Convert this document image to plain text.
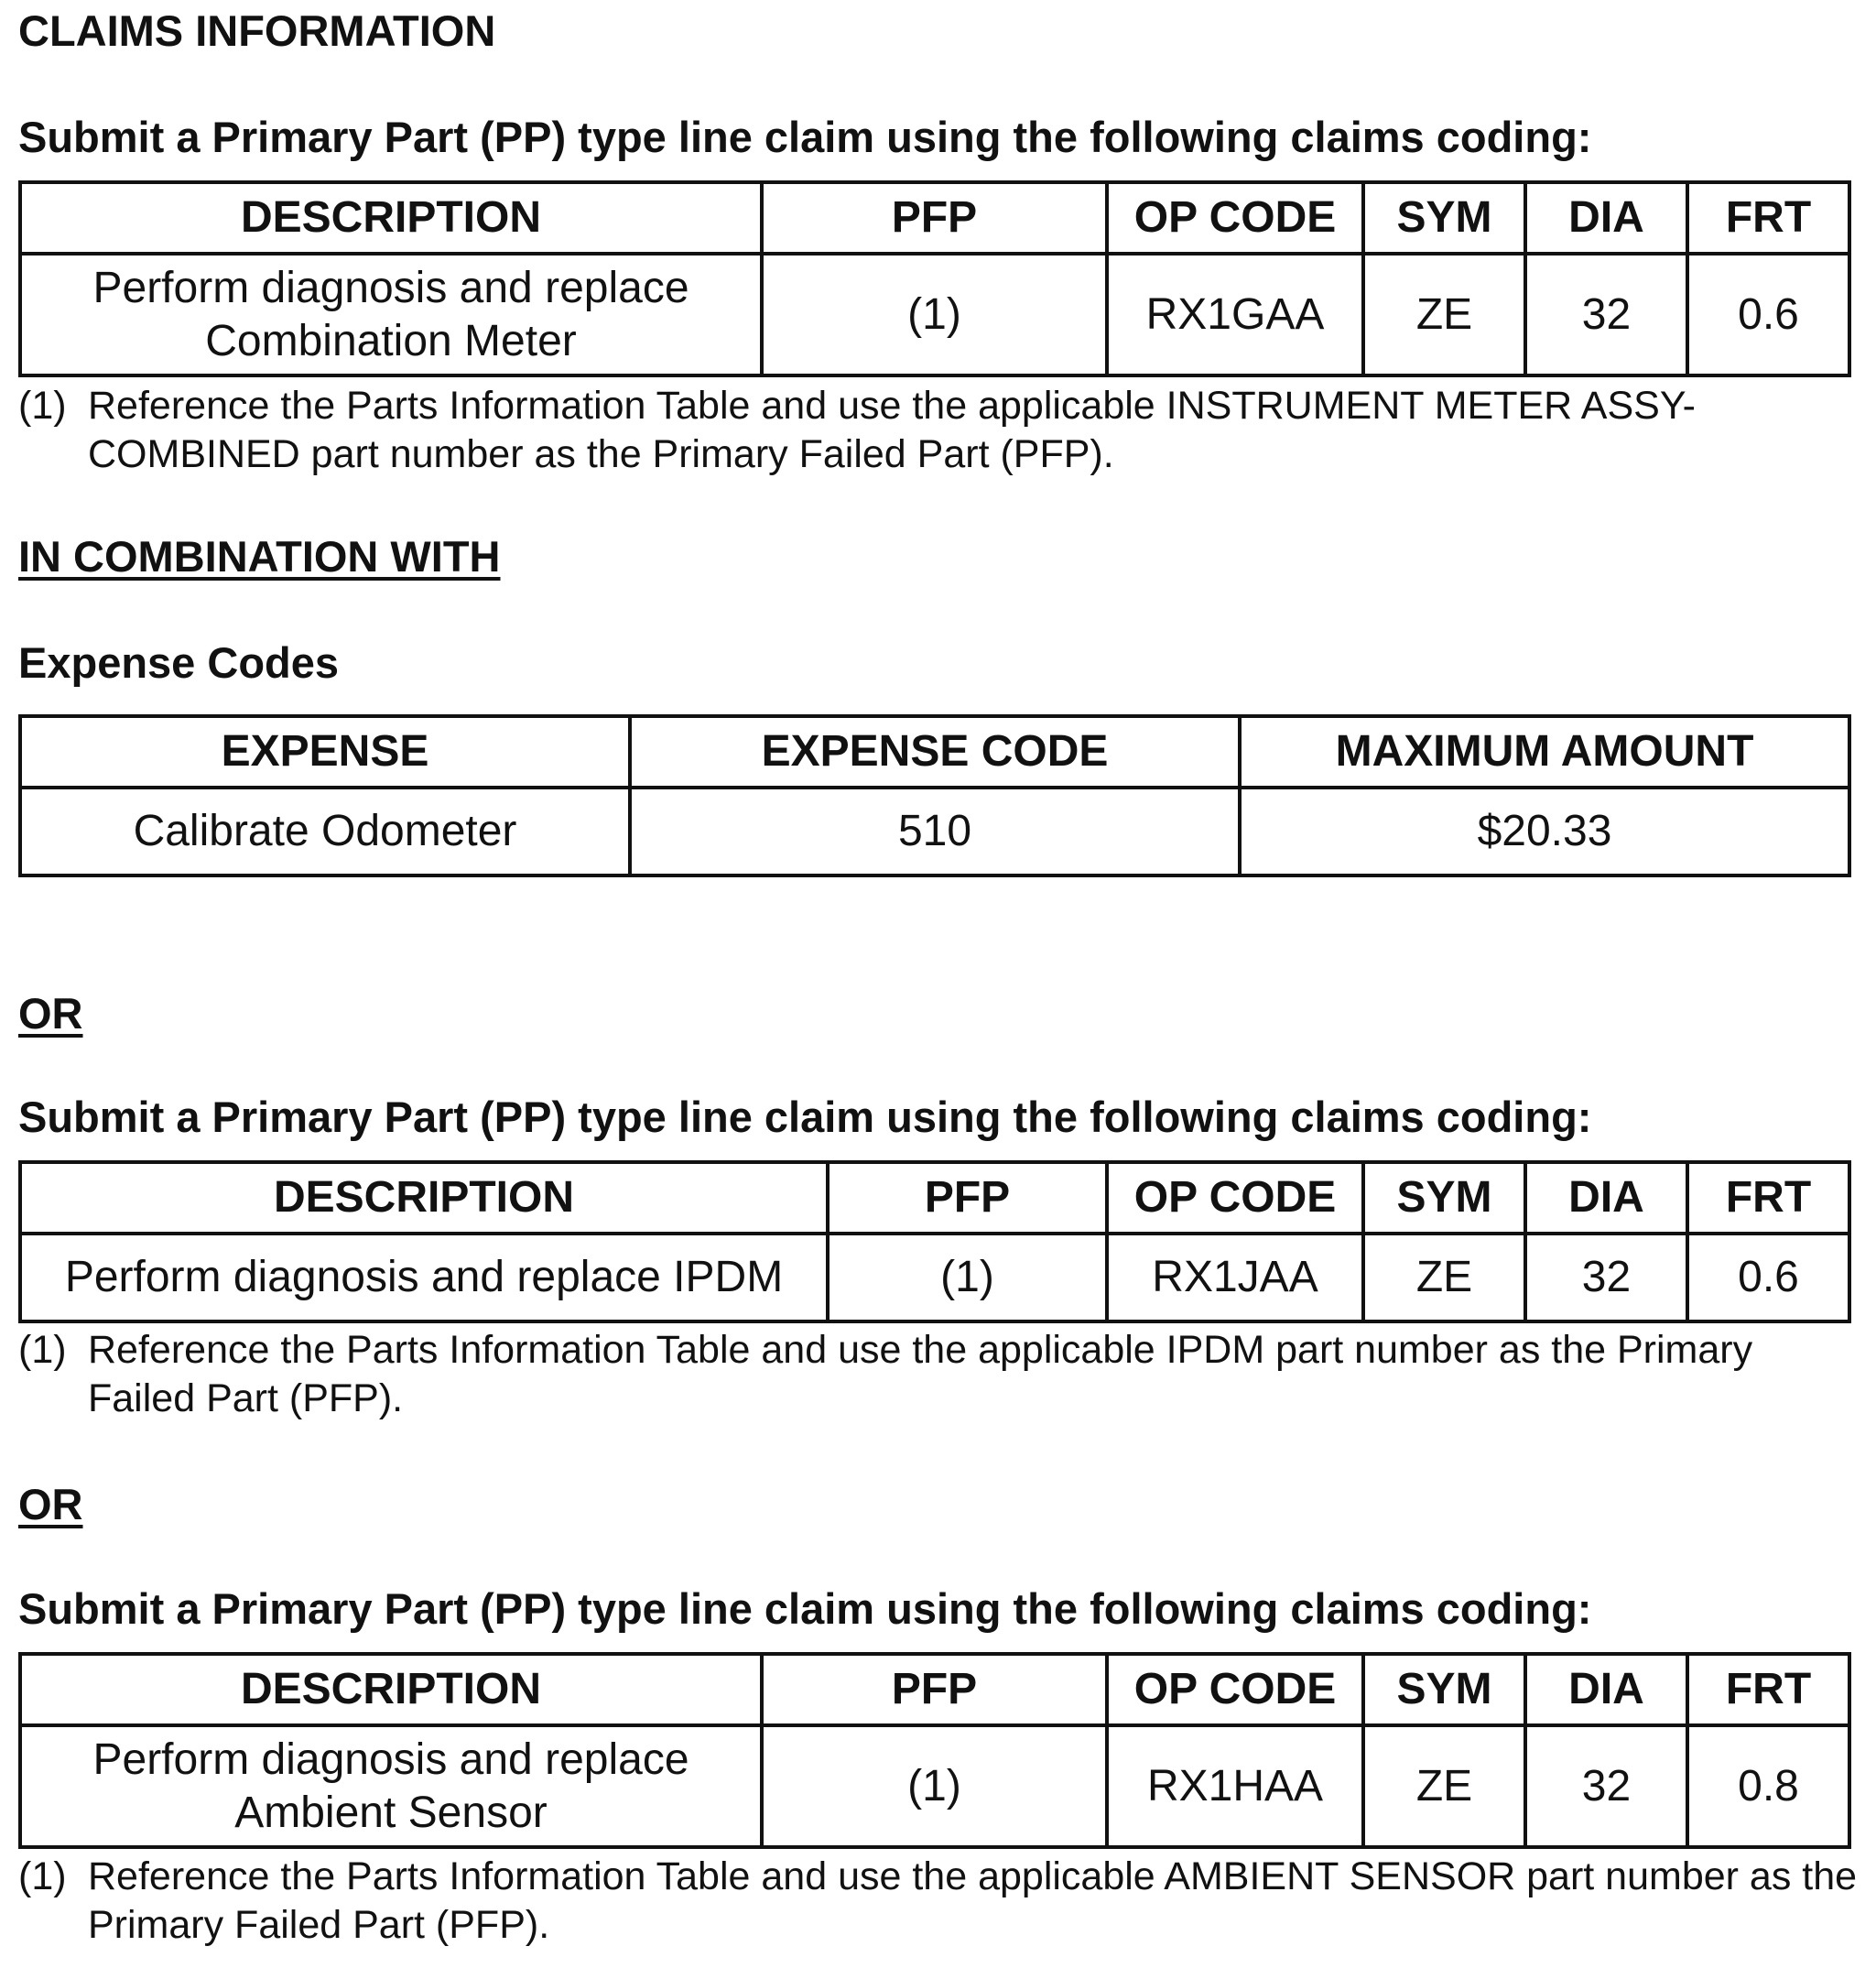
CLAIMS INFORMATION
Submit a Primary Part (PP) type line claim using the following claims coding:
DESCRIPTION	PFP	OP CODE	SYM	DIA	FRT
Perform diagnosis and replace Combination Meter	(1)	RX1GAA	ZE	32	0.6
(1) Reference the Parts Information Table and use the applicable INSTRUMENT METER ASSY-COMBINED part number as the Primary Failed Part (PFP).
IN COMBINATION WITH
Expense Codes
EXPENSE	EXPENSE CODE	MAXIMUM AMOUNT
Calibrate Odometer	510	$20.33
OR
Submit a Primary Part (PP) type line claim using the following claims coding:
DESCRIPTION	PFP	OP CODE	SYM	DIA	FRT
Perform diagnosis and replace IPDM	(1)	RX1JAA	ZE	32	0.6
(1) Reference the Parts Information Table and use the applicable IPDM part number as the Primary Failed Part (PFP).
OR
Submit a Primary Part (PP) type line claim using the following claims coding:
DESCRIPTION	PFP	OP CODE	SYM	DIA	FRT
Perform diagnosis and replace Ambient Sensor	(1)	RX1HAA	ZE	32	0.8
(1) Reference the Parts Information Table and use the applicable AMBIENT SENSOR part number as the Primary Failed Part (PFP).
